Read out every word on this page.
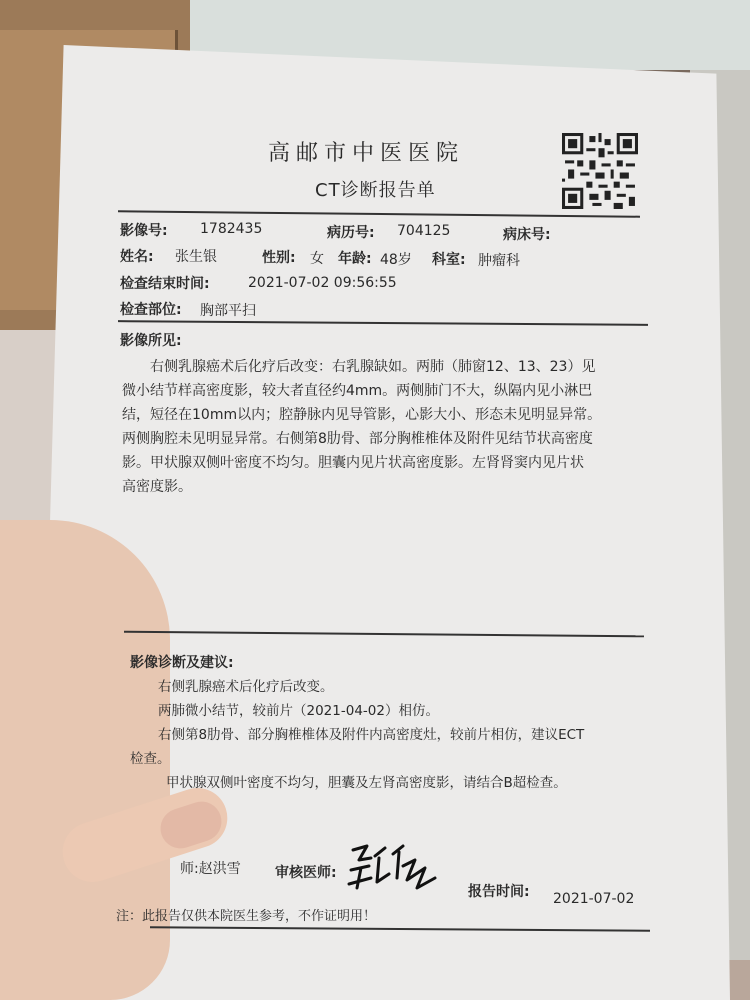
高邮市中医医院
CT诊断报告单
影像号: 1782435	病历号: 704125	病床号:
姓名: 张生银	性别: 女 年龄: 48岁 科室: 肿瘤科
检查结束时间:	2021-07-02 09:56:55
检查部位: 胸部平扫
影像所见:

右侧乳腺癌术后化疗后改变：右乳腺缺如。两肺（肺窗12、13、23）见

微小结节样高密度影，较大者直径约4mm。两侧肺门不大，纵隔内见小淋巴

结，短径在10mm以内；腔静脉内见导管影，心影大小、形态未见明显异常。

两侧胸腔未见明显异常。右侧第8肋骨、部分胸椎椎体及附件见结节状高密度

影。甲状腺双侧叶密度不均匀。胆囊内见片状高密度影。左肾肾窦内见片状

高密度影。

影像诊断及建议:

右侧乳腺癌术后化疗后改变。

两肺微小结节，较前片（2021-04-02）相仿。

右侧第8肋骨、部分胸椎椎体及附件内高密度灶，较前片相仿，建议ECT

检查。

甲状腺双侧叶密度不均匀，胆囊及左肾高密度影，请结合B超检查。

师:赵洪雪 审核医师:
报告时间: 2021-07-02
注：此报告仅供本院医生参考，不作证明用！
